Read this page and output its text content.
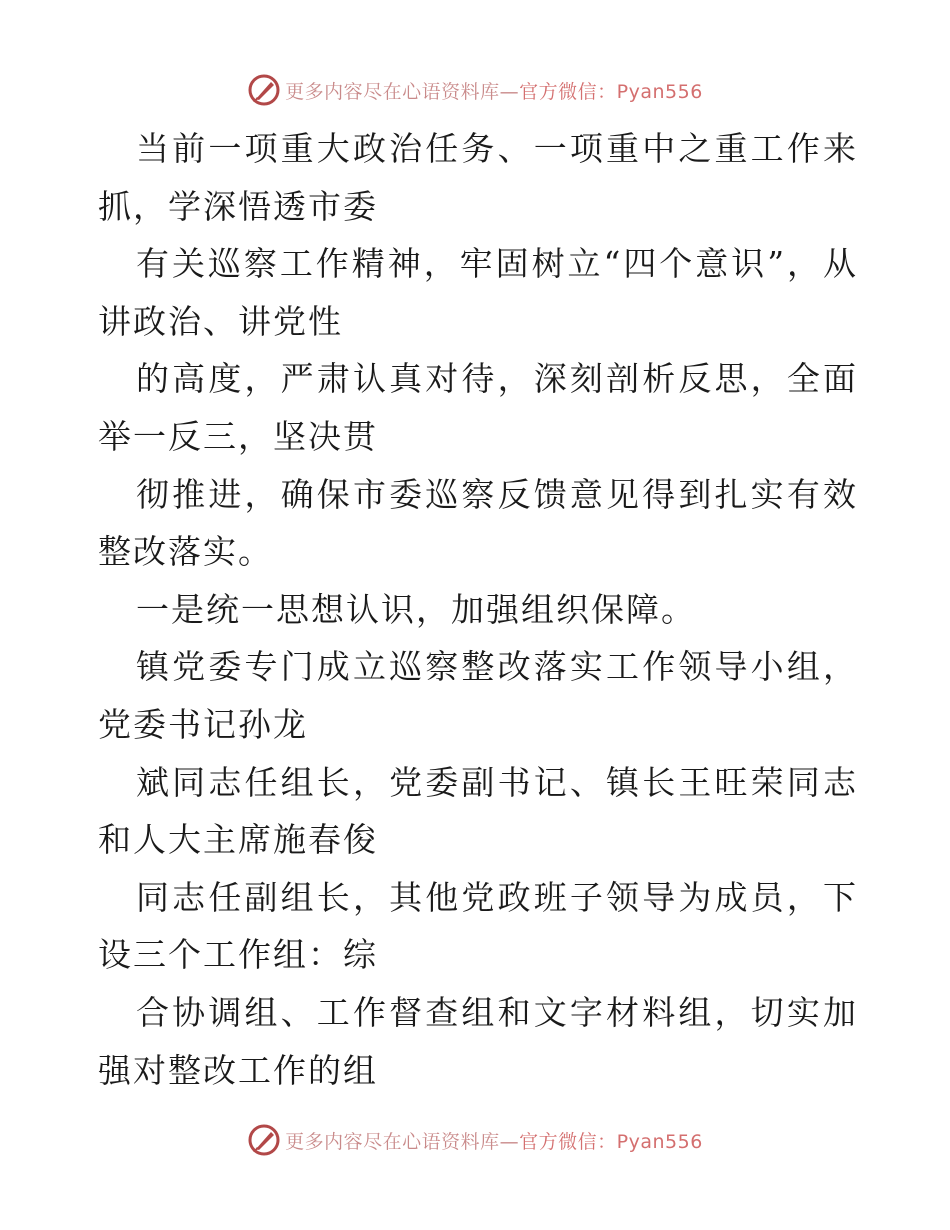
更多内容尽在心语资料库—官方微信：Pyan556

当前一项重大政治任务、一项重中之重工作来抓，学深悟透市委

有关巡察工作精神，牢固树立“四个意识”，从讲政治、讲党性

的高度，严肃认真对待，深刻剖析反思，全面举一反三，坚决贯

彻推进，确保市委巡察反馈意见得到扎实有效整改落实。

一是统一思想认识，加强组织保障。

镇党委专门成立巡察整改落实工作领导小组，党委书记孙龙

斌同志任组长，党委副书记、镇长王旺荣同志和人大主席施春俊

同志任副组长，其他党政班子领导为成员，下设三个工作组：综

合协调组、工作督查组和文字材料组，切实加强对整改工作的组

更多内容尽在心语资料库—官方微信：Pyan556
